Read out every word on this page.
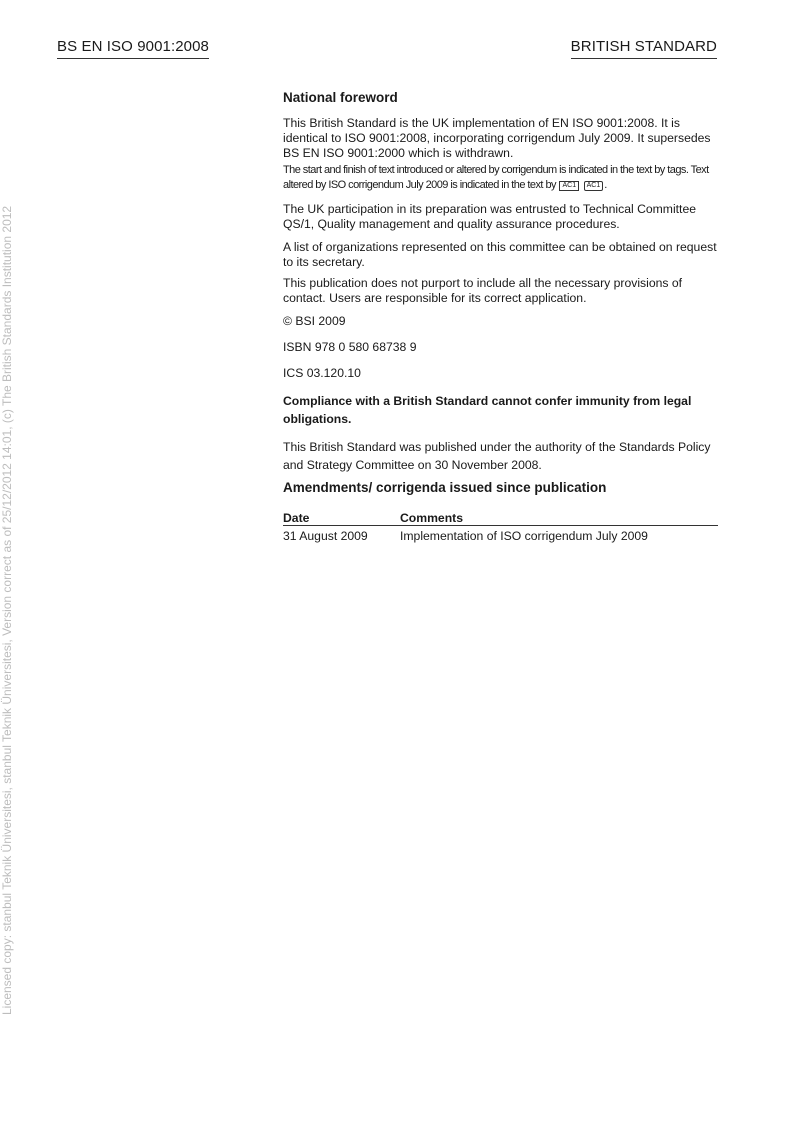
BS EN ISO 9001:2008	BRITISH STANDARD
Licensed copy: stanbul Teknik Üniversitesi, stanbul Teknik Üniversitesi, Version correct as of 25/12/2012 14:01, (c) The British Standards Institution 2012
National foreword
This British Standard is the UK implementation of EN ISO 9001:2008. It is identical to ISO 9001:2008, incorporating corrigendum July 2009. It supersedes BS EN ISO 9001:2000 which is withdrawn.
The start and finish of text introduced or altered by corrigendum is indicated in the text by tags. Text altered by ISO corrigendum July 2009 is indicated in the text by AC1 AC1 .
The UK participation in its preparation was entrusted to Technical Committee QS/1, Quality management and quality assurance procedures.
A list of organizations represented on this committee can be obtained on request to its secretary.
This publication does not purport to include all the necessary provisions of contact. Users are responsible for its correct application.
© BSI 2009
ISBN 978 0 580 68738 9
ICS 03.120.10
Compliance with a British Standard cannot confer immunity from legal obligations.
This British Standard was published under the authority of the Standards Policy and Strategy Committee on 30 November 2008.
Amendments/ corrigenda issued since publication
Date	Comments
31 August 2009	Implementation of ISO corrigendum July 2009
